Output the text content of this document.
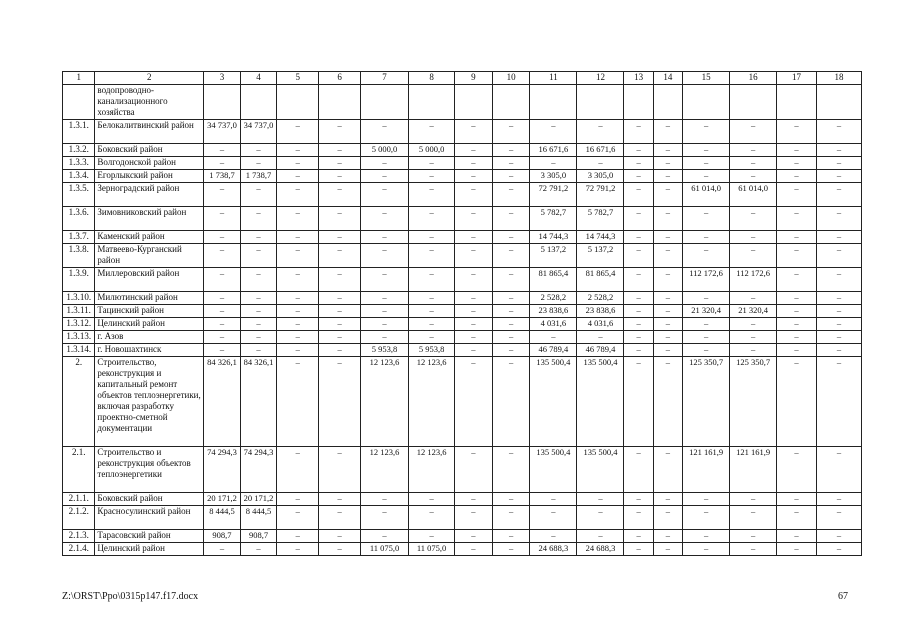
1	2	3	4	5	6	7	8	9	10	11	12	13	14	15	16	17	18
	водопроводно-канализационного хозяйства																
1.3.1.	Белокалитвинский район	34 737,0	34 737,0	–	–	–	–	–	–	–	–	–	–	–	–	–	–
1.3.2.	Боковский район	–	–	–	–	5 000,0	5 000,0	–	–	16 671,6	16 671,6	–	–	–	–	–	–
1.3.3.	Волгодонской район	–	–	–	–	–	–	–	–	–	–	–	–	–	–	–	–
1.3.4.	Егорлыкский район	1 738,7	1 738,7	–	–	–	–	–	–	3 305,0	3 305,0	–	–	–	–	–	–
1.3.5.	Зерноградский район	–	–	–	–	–	–	–	–	72 791,2	72 791,2	–	–	61 014,0	61 014,0	–	–
1.3.6.	Зимовниковский район	–	–	–	–	–	–	–	–	5 782,7	5 782,7	–	–	–	–	–	–
1.3.7.	Каменский район	–	–	–	–	–	–	–	–	14 744,3	14 744,3	–	–	–	–	–	–
1.3.8.	Матвеево-Курганский район	–	–	–	–	–	–	–	–	5 137,2	5 137,2	–	–	–	–	–	–
1.3.9.	Миллеровский район	–	–	–	–	–	–	–	–	81 865,4	81 865,4	–	–	112 172,6	112 172,6	–	–
1.3.10.	Милютинский район	–	–	–	–	–	–	–	–	2 528,2	2 528,2	–	–	–	–	–	–
1.3.11.	Тацинский район	–	–	–	–	–	–	–	–	23 838,6	23 838,6	–	–	21 320,4	21 320,4	–	–
1.3.12.	Целинский район	–	–	–	–	–	–	–	–	4 031,6	4 031,6	–	–	–	–	–	–
1.3.13.	г. Азов	–	–	–	–	–	–	–	–	–	–	–	–	–	–	–	–
1.3.14.	г. Новошахтинск	–	–	–	–	5 953,8	5 953,8	–	–	46 789,4	46 789,4	–	–	–	–	–	–
2.	Строительство, реконструкция и капитальный ремонт объектов теплоэнергетики, включая разработку проектно-сметной документации	84 326,1	84 326,1	–	–	12 123,6	12 123,6	–	–	135 500,4	135 500,4	–	–	125 350,7	125 350,7	–	–
2.1.	Строительство и реконструкция объектов теплоэнергетики	74 294,3	74 294,3	–	–	12 123,6	12 123,6	–	–	135 500,4	135 500,4	–	–	121 161,9	121 161,9	–	–
2.1.1.	Боковский район	20 171,2	20 171,2	–	–	–	–	–	–	–	–	–	–	–	–	–	–
2.1.2.	Красносулинский район	8 444,5	8 444,5	–	–	–	–	–	–	–	–	–	–	–	–	–	–
2.1.3.	Тарасовский район	908,7	908,7	–	–	–	–	–	–	–	–	–	–	–	–	–	–
2.1.4.	Целинский район	–	–	–	–	11 075,0	11 075,0	–	–	24 688,3	24 688,3	–	–	–	–	–	–
Z:\ORST\Ppo\0315p147.f17.docx	67
